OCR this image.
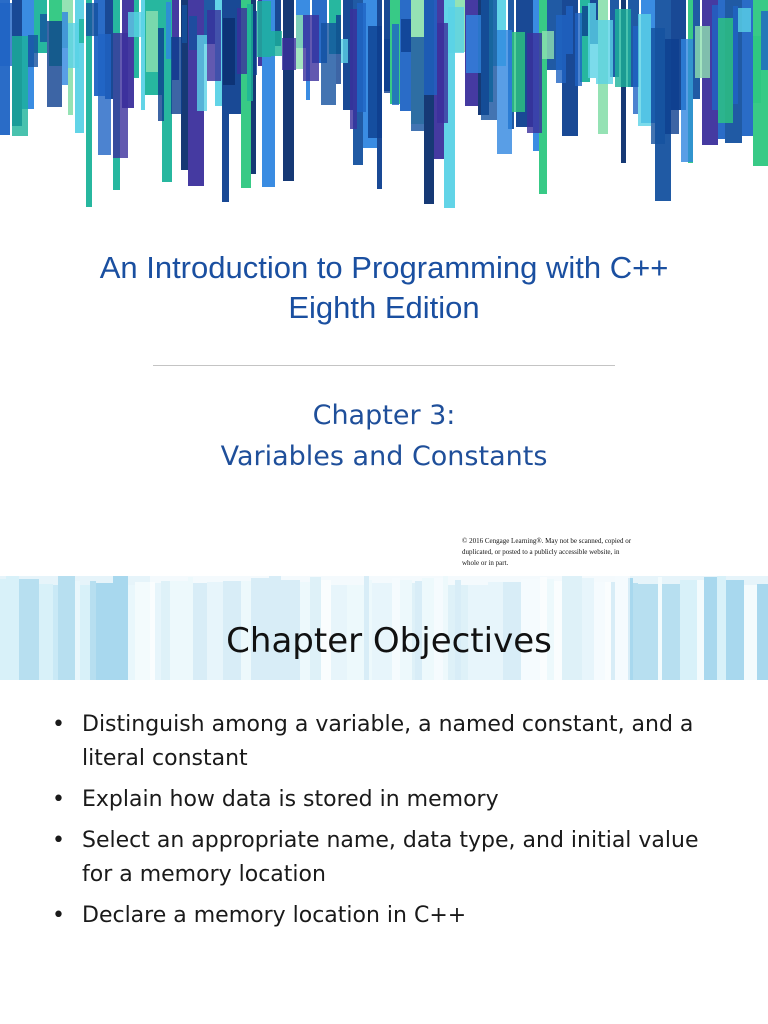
An Introduction to Programming with C++
Eighth Edition
Chapter 3:
Variables and Constants
© 2016 Cengage Learning®. May not be scanned, copied or
duplicated, or posted to a publicly accessible website, in
whole or in part.
Chapter Objectives
• Distinguish among a variable, a named constant, and a
literal constant
• Explain how data is stored in memory
• Select an appropriate name, data type, and initial value
for a memory location
• Declare a memory location in C++
